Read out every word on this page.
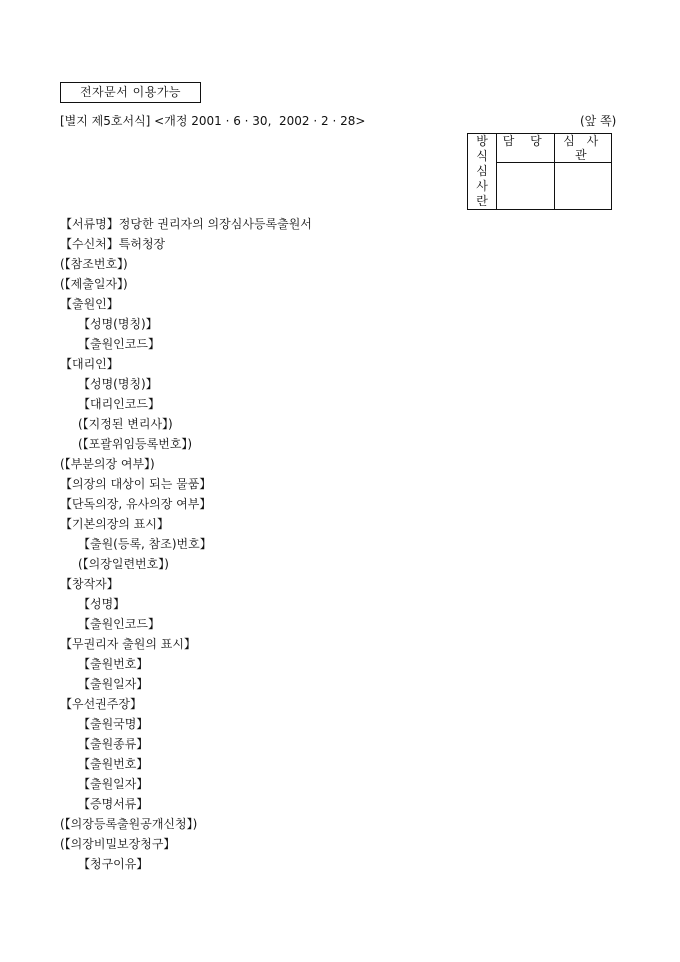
전자문서 이용가능
[별지 제5호서식] <개정 2001 · 6 · 30,  2002 · 2 · 28>	(앞 쪽)
방
식
심
사
란	담 당	심 사 관

【서류명】정당한 권리자의 의장심사등록출원서
【수신처】특허청장
(【참조번호】)
(【제출일자】)
【출원인】
【성명(명칭)】
【출원인코드】
【대리인】
【성명(명칭)】
【대리인코드】
(【지정된 변리사】)
(【포괄위임등록번호】)
(【부분의장 여부】)
【의장의 대상이 되는 물품】
【단독의장, 유사의장 여부】
【기본의장의 표시】
【출원(등록, 참조)번호】
(【의장일련번호】)
【창작자】
【성명】
【출원인코드】
【무권리자 출원의 표시】
【출원번호】
【출원일자】
【우선권주장】
【출원국명】
【출원종류】
【출원번호】
【출원일자】
【증명서류】
(【의장등록출원공개신청】)
(【의장비밀보장청구】
【청구이유】
